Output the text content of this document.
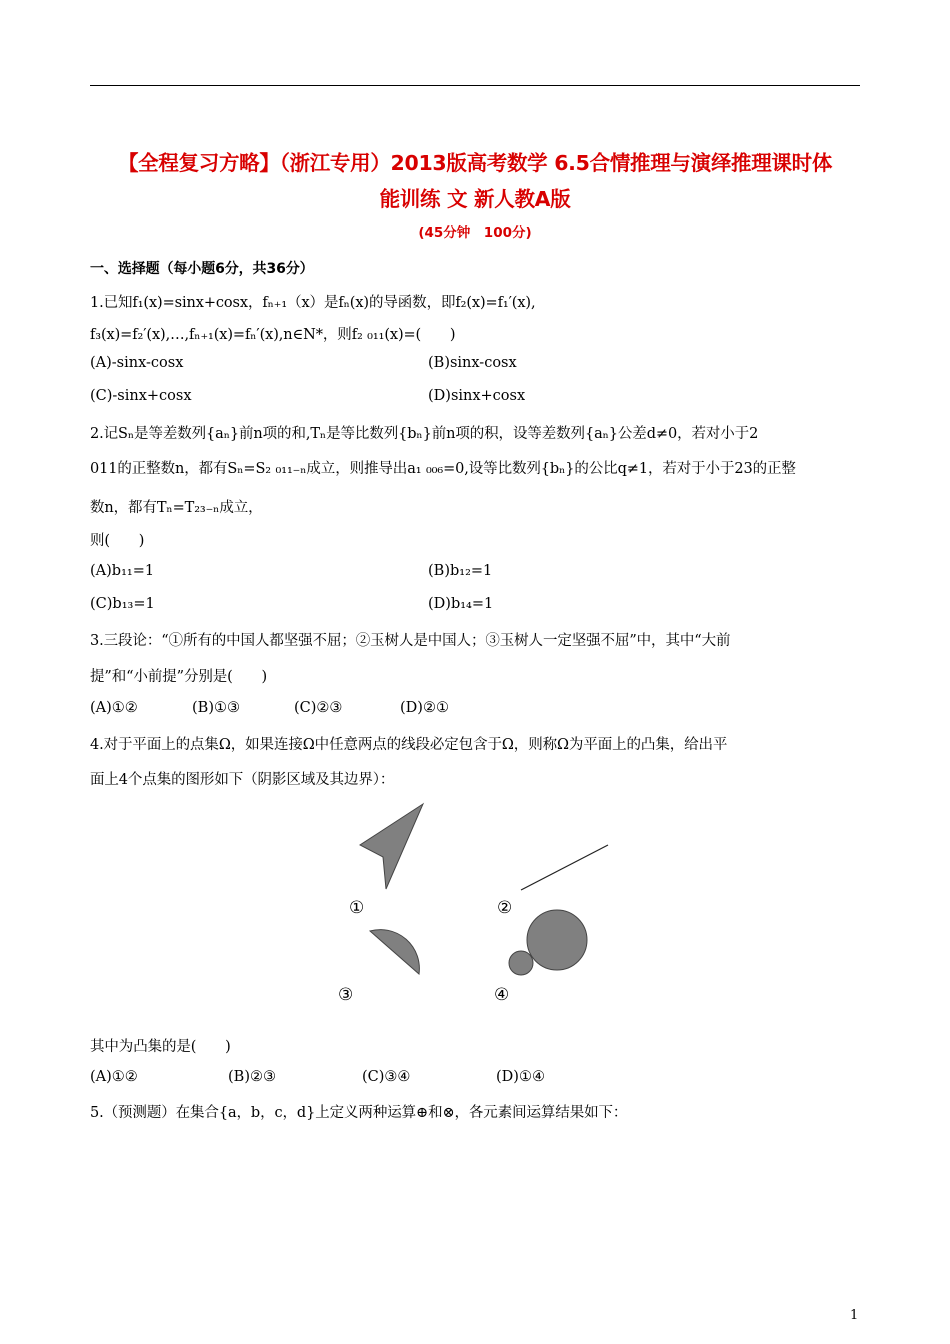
【全程复习方略】（浙江专用）2013版高考数学 6.5合情推理与演绎推理课时体
能训练 文 新人教A版
(45分钟　100分)
一、选择题（每小题6分，共36分）
1.已知f₁(x)=sinx+cosx，fₙ₊₁（x）是fₙ(x)的导函数，即f₂(x)=f₁′(x),
f₃(x)=f₂′(x),…,fₙ₊₁(x)=fₙ′(x),n∈N*，则f₂ ₀₁₁(x)=(　　)
(A)-sinx-cosx	(B)sinx-cosx
(C)-sinx+cosx	(D)sinx+cosx
2.记Sₙ是等差数列{aₙ}前n项的和,Tₙ是等比数列{bₙ}前n项的积，设等差数列{aₙ}公差d≠0，若对小于2
011的正整数n，都有Sₙ=S₂ ₀₁₁₋ₙ成立，则推导出a₁ ₀₀₆=0,设等比数列{bₙ}的公比q≠1，若对于小于23的正整
数n，都有Tₙ=T₂₃₋ₙ成立，
则(　　)
(A)b₁₁=1	(B)b₁₂=1
(C)b₁₃=1	(D)b₁₄=1
3.三段论：“①所有的中国人都坚强不屈；②玉树人是中国人；③玉树人一定坚强不屈”中，其中“大前
提”和“小前提”分别是(　　)
(A)①②	(B)①③	(C)②③	(D)②①
4.对于平面上的点集Ω，如果连接Ω中任意两点的线段必定包含于Ω，则称Ω为平面上的凸集，给出平
面上4个点集的图形如下（阴影区域及其边界）：
①	②
③	④
其中为凸集的是(　　)
(A)①②	(B)②③	(C)③④	(D)①④
5.（预测题）在集合{a，b，c，d}上定义两种运算⊕和⊗，各元素间运算结果如下：
1
